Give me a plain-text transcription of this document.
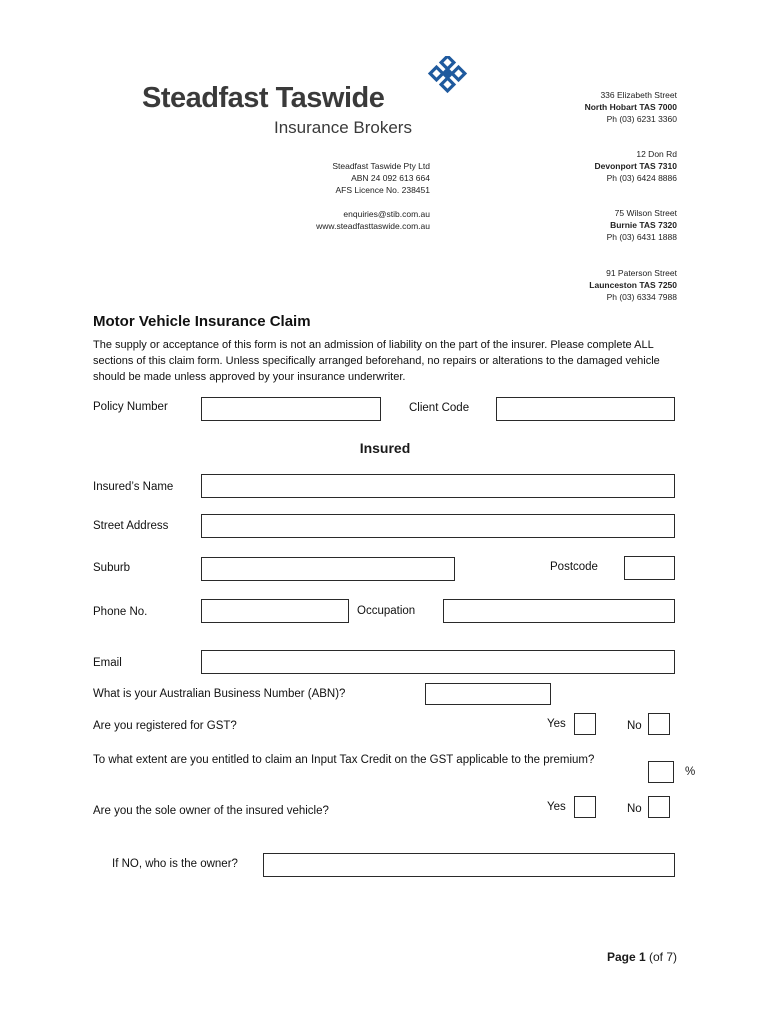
Steadfast Taswide
Insurance Brokers
Steadfast Taswide Pty Ltd
ABN 24 092 613 664
AFS Licence No. 238451
enquiries@stib.com.au
www.steadfasttaswide.com.au
336 Elizabeth Street
North Hobart TAS 7000
Ph (03) 6231 3360
12 Don Rd
Devonport TAS 7310
Ph (03) 6424 8886
75 Wilson Street
Burnie TAS 7320
Ph (03) 6431 1888
91 Paterson Street
Launceston TAS 7250
Ph (03) 6334 7988
Motor Vehicle Insurance Claim
The supply or acceptance of this form is not an admission of liability on the part of the insurer. Please complete ALL sections of this claim form. Unless specifically arranged beforehand, no repairs or alterations to the damaged vehicle should be made unless approved by your insurance underwriter.
Policy Number	Client Code
Insured
Insured’s Name
Street Address
Suburb	Postcode
Phone No.	Occupation
Email
What is your Australian Business Number (ABN)?
Are you registered for GST?	Yes	No
To what extent are you entitled to claim an Input Tax Credit on the GST applicable to the premium?
%
Are you the sole owner of the insured vehicle?	Yes	No
If NO, who is the owner?
Page 1 (of 7)
